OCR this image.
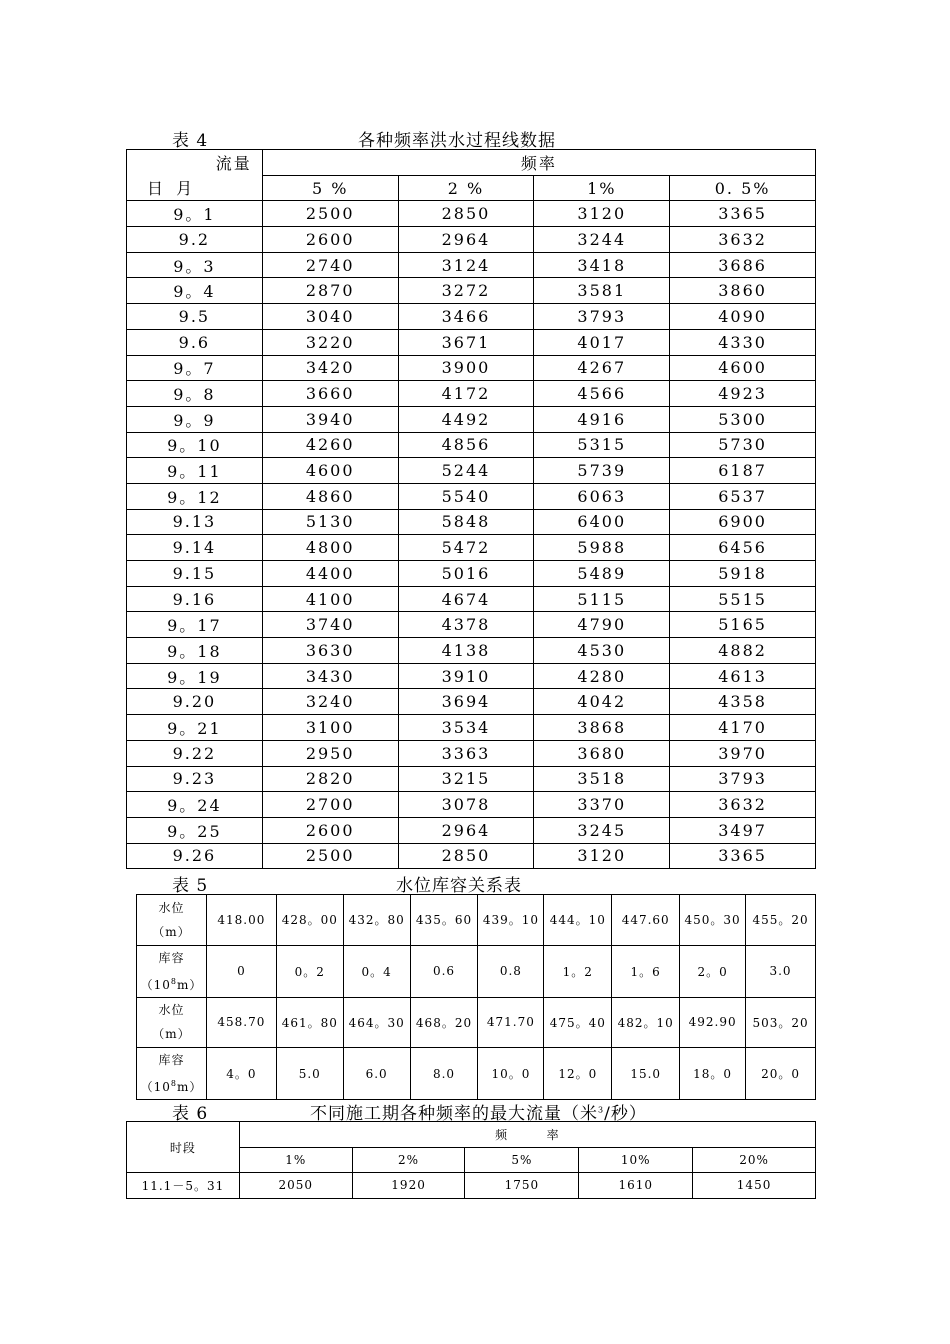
表 4	各种频率洪水过程线数据
流量	频率			
日 月	5 %	2 %	1%	0. 5%
9。1	2500	2850	3120	3365
9.2	2600	2964	3244	3632
9。3	2740	3124	3418	3686
9。4	2870	3272	3581	3860
9.5	3040	3466	3793	4090
9.6	3220	3671	4017	4330
9。7	3420	3900	4267	4600
9。8	3660	4172	4566	4923
9。9	3940	4492	4916	5300
9。10	4260	4856	5315	5730
9。11	4600	5244	5739	6187
9。12	4860	5540	6063	6537
9.13	5130	5848	6400	6900
9.14	4800	5472	5988	6456
9.15	4400	5016	5489	5918
9.16	4100	4674	5115	5515
9。17	3740	4378	4790	5165
9。18	3630	4138	4530	4882
9。19	3430	3910	4280	4613
9.20	3240	3694	4042	4358
9。21	3100	3534	3868	4170
9.22	2950	3363	3680	3970
9.23	2820	3215	3518	3793
9。24	2700	3078	3370	3632
9。25	2600	2964	3245	3497
9.26	2500	2850	3120	3365
表 5	水位库容关系表
水位
（m）	418.00	428。00	432。80	435。60	439。10	444。10	447.60	450。30	455。20

库容
$(10^8m)$	0	0。2	0。4	0.6	0.8	1。2	1。6	2。0	3.0

水位
（m）	458.70	461。80	464。30	468。20	471.70	475。40	482。10	492.90	503。20

库容
$(10^8m)$	4。0	5.0	6.0	8.0	10。0	12。0	15.0	18。0	20。0
表 6	不同施工期各种频率的最大流量（米$^3$/秒）
时段	频        率				
	1%	2%	5%	10%	20%
11.1－5。31	2050	1920	1750	1610	1450
